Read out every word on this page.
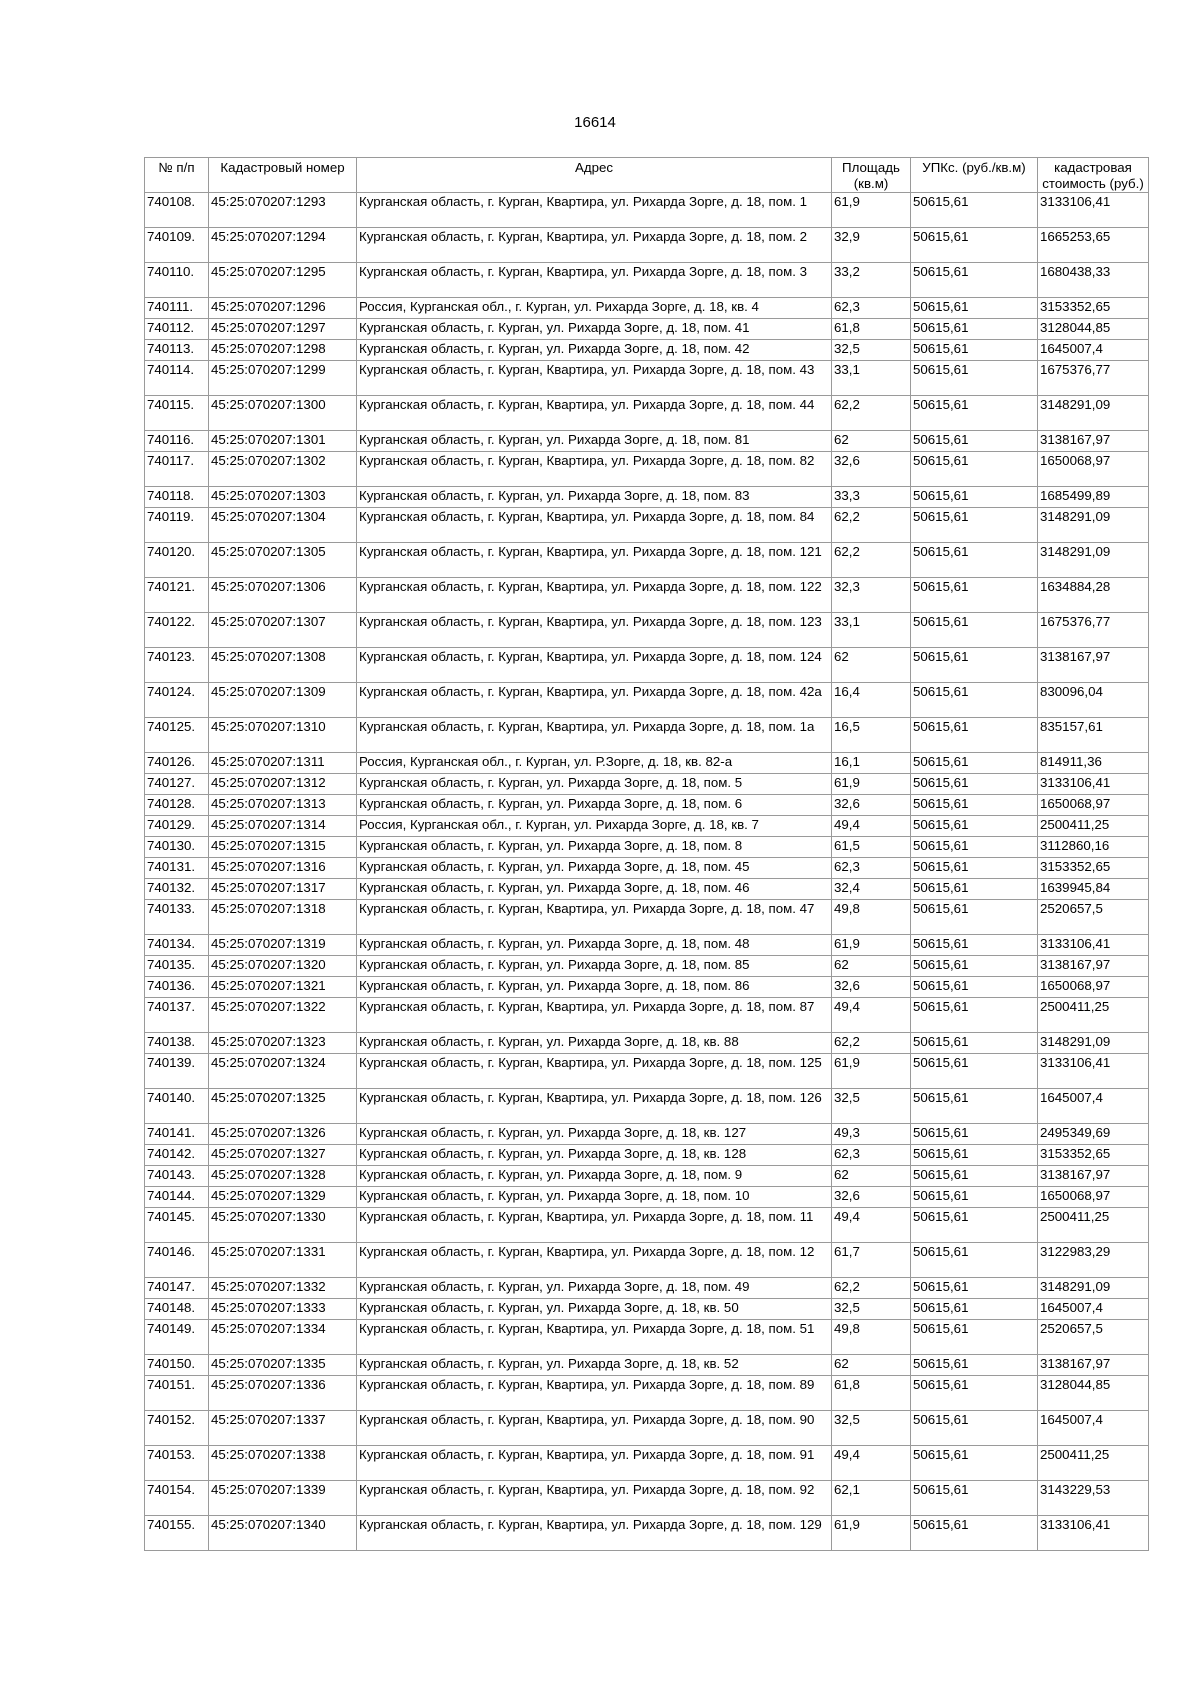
16614
№ п/п	Кадастровый номер	Адрес	Площадь (кв.м)	УПКс. (руб./кв.м)	кадастровая стоимость (руб.)
740108.	45:25:070207:1293	Курганская область, г. Курган, Квартира, ул. Рихарда Зорге, д. 18, пом. 1	61,9	50615,61	3133106,41
740109.	45:25:070207:1294	Курганская область, г. Курган, Квартира, ул. Рихарда Зорге, д. 18, пом. 2	32,9	50615,61	1665253,65
740110.	45:25:070207:1295	Курганская область, г. Курган, Квартира, ул. Рихарда Зорге, д. 18, пом. 3	33,2	50615,61	1680438,33
740111.	45:25:070207:1296	Россия, Курганская обл., г. Курган, ул. Рихарда Зорге, д. 18, кв. 4	62,3	50615,61	3153352,65
740112.	45:25:070207:1297	Курганская область, г. Курган, ул. Рихарда Зорге, д. 18, пом. 41	61,8	50615,61	3128044,85
740113.	45:25:070207:1298	Курганская область, г. Курган, ул. Рихарда Зорге, д. 18, пом. 42	32,5	50615,61	1645007,4
740114.	45:25:070207:1299	Курганская область, г. Курган, Квартира, ул. Рихарда Зорге, д. 18, пом. 43	33,1	50615,61	1675376,77
740115.	45:25:070207:1300	Курганская область, г. Курган, Квартира, ул. Рихарда Зорге, д. 18, пом. 44	62,2	50615,61	3148291,09
740116.	45:25:070207:1301	Курганская область, г. Курган, ул. Рихарда Зорге, д. 18, пом. 81	62	50615,61	3138167,97
740117.	45:25:070207:1302	Курганская область, г. Курган, Квартира, ул. Рихарда Зорге, д. 18, пом. 82	32,6	50615,61	1650068,97
740118.	45:25:070207:1303	Курганская область, г. Курган, ул. Рихарда Зорге, д. 18, пом. 83	33,3	50615,61	1685499,89
740119.	45:25:070207:1304	Курганская область, г. Курган, Квартира, ул. Рихарда Зорге, д. 18, пом. 84	62,2	50615,61	3148291,09
740120.	45:25:070207:1305	Курганская область, г. Курган, Квартира, ул. Рихарда Зорге, д. 18, пом. 121	62,2	50615,61	3148291,09
740121.	45:25:070207:1306	Курганская область, г. Курган, Квартира, ул. Рихарда Зорге, д. 18, пом. 122	32,3	50615,61	1634884,28
740122.	45:25:070207:1307	Курганская область, г. Курган, Квартира, ул. Рихарда Зорге, д. 18, пом. 123	33,1	50615,61	1675376,77
740123.	45:25:070207:1308	Курганская область, г. Курган, Квартира, ул. Рихарда Зорге, д. 18, пом. 124	62	50615,61	3138167,97
740124.	45:25:070207:1309	Курганская область, г. Курган, Квартира, ул. Рихарда Зорге, д. 18, пом. 42а	16,4	50615,61	830096,04
740125.	45:25:070207:1310	Курганская область, г. Курган, Квартира, ул. Рихарда Зорге, д. 18, пом. 1а	16,5	50615,61	835157,61
740126.	45:25:070207:1311	Россия, Курганская обл., г. Курган, ул. Р.Зорге, д. 18, кв. 82-а	16,1	50615,61	814911,36
740127.	45:25:070207:1312	Курганская область, г. Курган, ул. Рихарда Зорге, д. 18, пом. 5	61,9	50615,61	3133106,41
740128.	45:25:070207:1313	Курганская область, г. Курган, ул. Рихарда Зорге, д. 18, пом. 6	32,6	50615,61	1650068,97
740129.	45:25:070207:1314	Россия, Курганская обл., г. Курган, ул. Рихарда Зорге, д. 18, кв. 7	49,4	50615,61	2500411,25
740130.	45:25:070207:1315	Курганская область, г. Курган, ул. Рихарда Зорге, д. 18, пом. 8	61,5	50615,61	3112860,16
740131.	45:25:070207:1316	Курганская область, г. Курган, ул. Рихарда Зорге, д. 18, пом. 45	62,3	50615,61	3153352,65
740132.	45:25:070207:1317	Курганская область, г. Курган, ул. Рихарда Зорге, д. 18, пом. 46	32,4	50615,61	1639945,84
740133.	45:25:070207:1318	Курганская область, г. Курган, Квартира, ул. Рихарда Зорге, д. 18, пом. 47	49,8	50615,61	2520657,5
740134.	45:25:070207:1319	Курганская область, г. Курган, ул. Рихарда Зорге, д. 18, пом. 48	61,9	50615,61	3133106,41
740135.	45:25:070207:1320	Курганская область, г. Курган, ул. Рихарда Зорге, д. 18, пом. 85	62	50615,61	3138167,97
740136.	45:25:070207:1321	Курганская область, г. Курган, ул. Рихарда Зорге, д. 18, пом. 86	32,6	50615,61	1650068,97
740137.	45:25:070207:1322	Курганская область, г. Курган, Квартира, ул. Рихарда Зорге, д. 18, пом. 87	49,4	50615,61	2500411,25
740138.	45:25:070207:1323	Курганская область, г. Курган, ул. Рихарда Зорге, д. 18, кв. 88	62,2	50615,61	3148291,09
740139.	45:25:070207:1324	Курганская область, г. Курган, Квартира, ул. Рихарда Зорге, д. 18, пом. 125	61,9	50615,61	3133106,41
740140.	45:25:070207:1325	Курганская область, г. Курган, Квартира, ул. Рихарда Зорге, д. 18, пом. 126	32,5	50615,61	1645007,4
740141.	45:25:070207:1326	Курганская область, г. Курган, ул. Рихарда Зорге, д. 18, кв. 127	49,3	50615,61	2495349,69
740142.	45:25:070207:1327	Курганская область, г. Курган, ул. Рихарда Зорге, д. 18, кв. 128	62,3	50615,61	3153352,65
740143.	45:25:070207:1328	Курганская область, г. Курган, ул. Рихарда Зорге, д. 18, пом. 9	62	50615,61	3138167,97
740144.	45:25:070207:1329	Курганская область, г. Курган, ул. Рихарда Зорге, д. 18, пом. 10	32,6	50615,61	1650068,97
740145.	45:25:070207:1330	Курганская область, г. Курган, Квартира, ул. Рихарда Зорге, д. 18, пом. 11	49,4	50615,61	2500411,25
740146.	45:25:070207:1331	Курганская область, г. Курган, Квартира, ул. Рихарда Зорге, д. 18, пом. 12	61,7	50615,61	3122983,29
740147.	45:25:070207:1332	Курганская область, г. Курган, ул. Рихарда Зорге, д. 18, пом. 49	62,2	50615,61	3148291,09
740148.	45:25:070207:1333	Курганская область, г. Курган, ул. Рихарда Зорге, д. 18, кв. 50	32,5	50615,61	1645007,4
740149.	45:25:070207:1334	Курганская область, г. Курган, Квартира, ул. Рихарда Зорге, д. 18, пом. 51	49,8	50615,61	2520657,5
740150.	45:25:070207:1335	Курганская область, г. Курган, ул. Рихарда Зорге, д. 18, кв. 52	62	50615,61	3138167,97
740151.	45:25:070207:1336	Курганская область, г. Курган, Квартира, ул. Рихарда Зорге, д. 18, пом. 89	61,8	50615,61	3128044,85
740152.	45:25:070207:1337	Курганская область, г. Курган, Квартира, ул. Рихарда Зорге, д. 18, пом. 90	32,5	50615,61	1645007,4
740153.	45:25:070207:1338	Курганская область, г. Курган, Квартира, ул. Рихарда Зорге, д. 18, пом. 91	49,4	50615,61	2500411,25
740154.	45:25:070207:1339	Курганская область, г. Курган, Квартира, ул. Рихарда Зорге, д. 18, пом. 92	62,1	50615,61	3143229,53
740155.	45:25:070207:1340	Курганская область, г. Курган, Квартира, ул. Рихарда Зорге, д. 18, пом. 129	61,9	50615,61	3133106,41
